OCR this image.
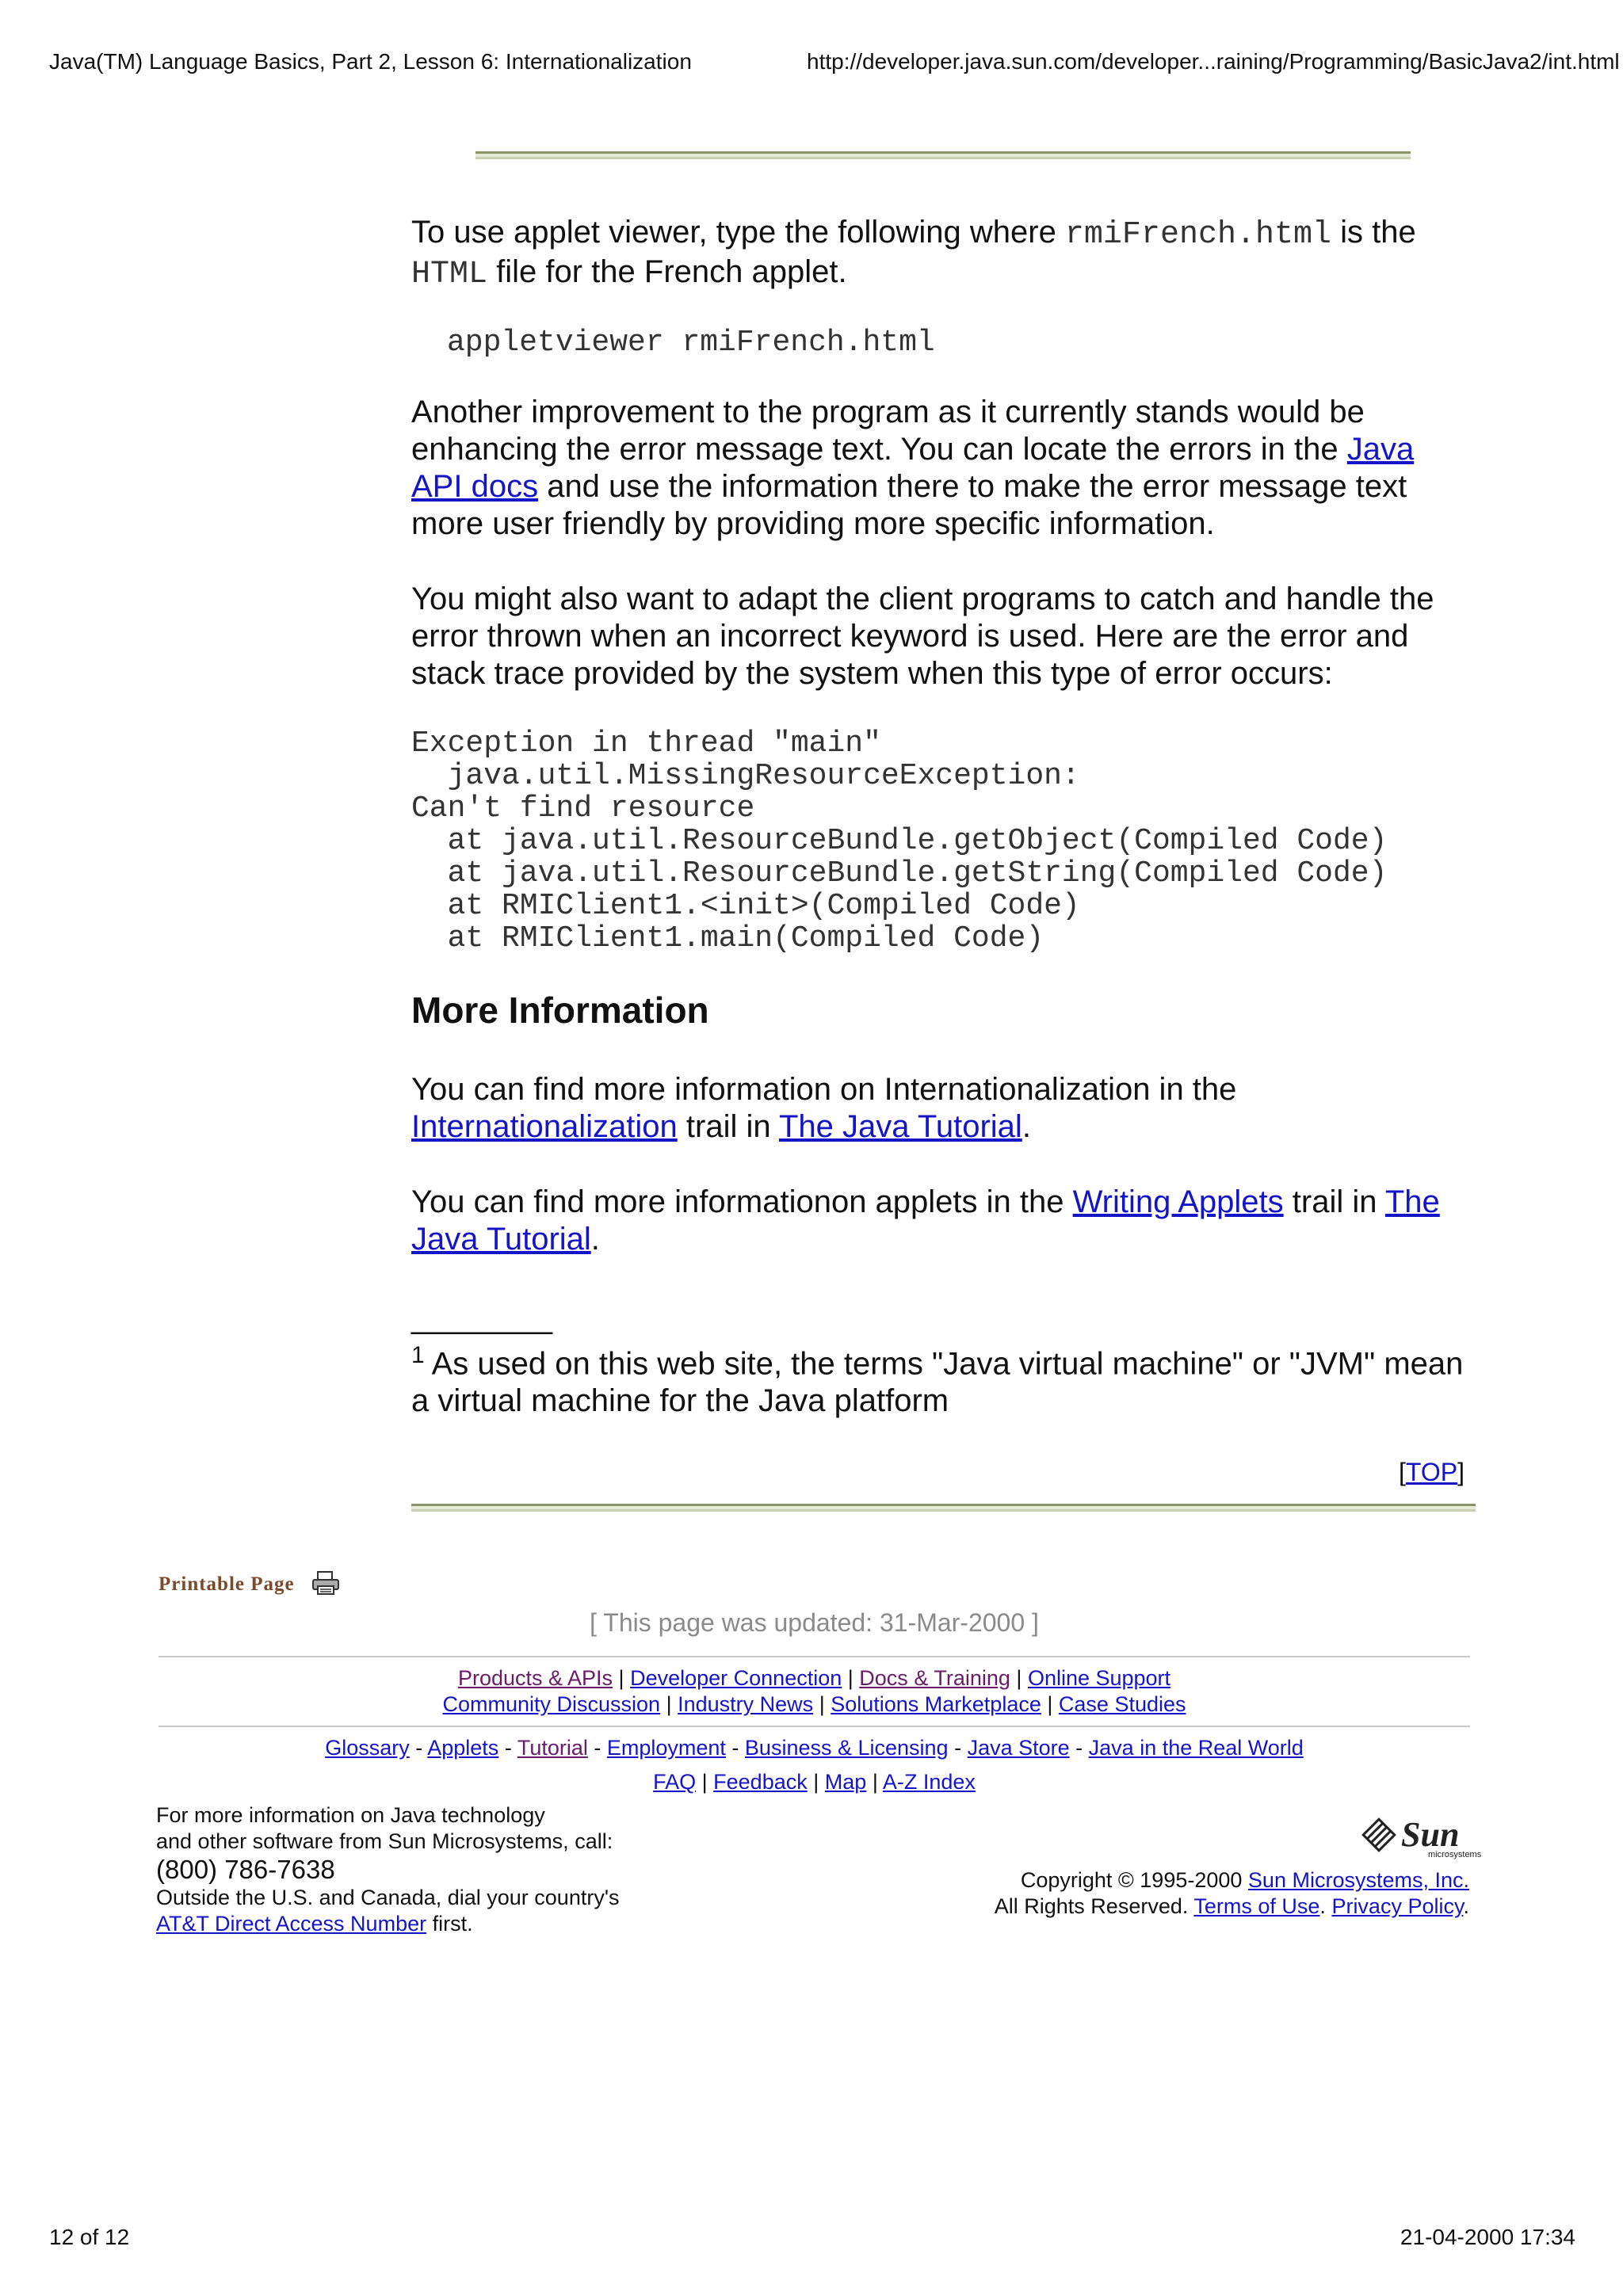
Java(TM) Language Basics, Part 2, Lesson 6: Internationalization	http://developer.java.sun.com/developer...raining/Programming/BasicJava2/int.html

To use applet viewer, type the following where rmiFrench.html is the
HTML file for the French applet.

appletviewer rmiFrench.html

Another improvement to the program as it currently stands would be enhancing the error message text. You can locate the errors in the Java API docs and use the information there to make the error message text more user friendly by providing more specific information.

You might also want to adapt the client programs to catch and handle the error thrown when an incorrect keyword is used. Here are the error and stack trace provided by the system when this type of error occurs:

Exception in thread "main"
java.util.MissingResourceException:
Can't find resource
at java.util.ResourceBundle.getObject(Compiled Code)
at java.util.ResourceBundle.getString(Compiled Code)
at RMIClient1.<init>(Compiled Code)
at RMIClient1.main(Compiled Code)
More Information

You can find more information on Internationalization in the
Internationalization trail in The Java Tutorial.

You can find more informationon applets in the Writing Applets trail in The
Java Tutorial.

________

$^1$ As used on this web site, the terms "Java virtual machine" or "JVM" mean a virtual machine for the Java platform

[TOP]
Printable Page
[ This page was updated: 31-Mar-2000 ]
Products & APIs | Developer Connection | Docs & Training | Online Support
Community Discussion | Industry News | Solutions Marketplace | Case Studies
Glossary - Applets - Tutorial - Employment - Business & Licensing - Java Store - Java in the Real World
FAQ | Feedback | Map | A-Z Index
For more information on Java technology
and other software from Sun Microsystems, call:
(800) 786-7638
Outside the U.S. and Canada, dial your country's
AT&T Direct Access Number first.
Sun
microsystems
Copyright © 1995-2000 Sun Microsystems, Inc.
All Rights Reserved. Terms of Use. Privacy Policy.
12 of 12	21-04-2000 17:34
